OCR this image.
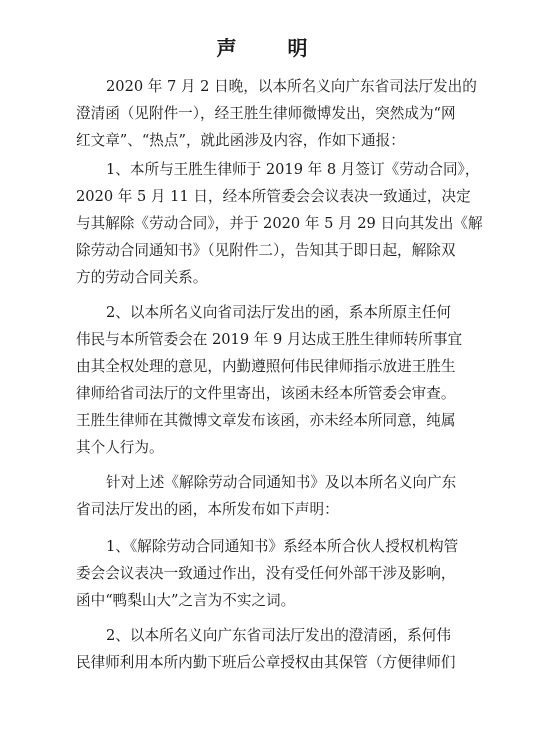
声 明
2020 年 7 月 2 日晚，以本所名义向广东省司法厅发出的
澄清函（见附件一），经王胜生律师微博发出，突然成为“网
红文章”、“热点”，就此函涉及内容，作如下通报：
1、本所与王胜生律师于 2019 年 8 月签订《劳动合同》，
2020 年 5 月 11 日，经本所管委会会议表决一致通过，决定
与其解除《劳动合同》，并于 2020 年 5 月 29 日向其发出《解
除劳动合同通知书》（见附件二），告知其于即日起，解除双
方的劳动合同关系。
2、以本所名义向省司法厅发出的函，系本所原主任何
伟民与本所管委会在 2019 年 9 月达成王胜生律师转所事宜
由其全权处理的意见，内勤遵照何伟民律师指示放进王胜生
律师给省司法厅的文件里寄出，该函未经本所管委会审查。
王胜生律师在其微博文章发布该函，亦未经本所同意，纯属
其个人行为。
针对上述《解除劳动合同通知书》及以本所名义向广东
省司法厅发出的函，本所发布如下声明：
1、《解除劳动合同通知书》系经本所合伙人授权机构管
委会会议表决一致通过作出，没有受任何外部干涉及影响，
函中“鸭梨山大”之言为不实之词。
2、以本所名义向广东省司法厅发出的澄清函，系何伟
民律师利用本所内勤下班后公章授权由其保管（方便律师们
